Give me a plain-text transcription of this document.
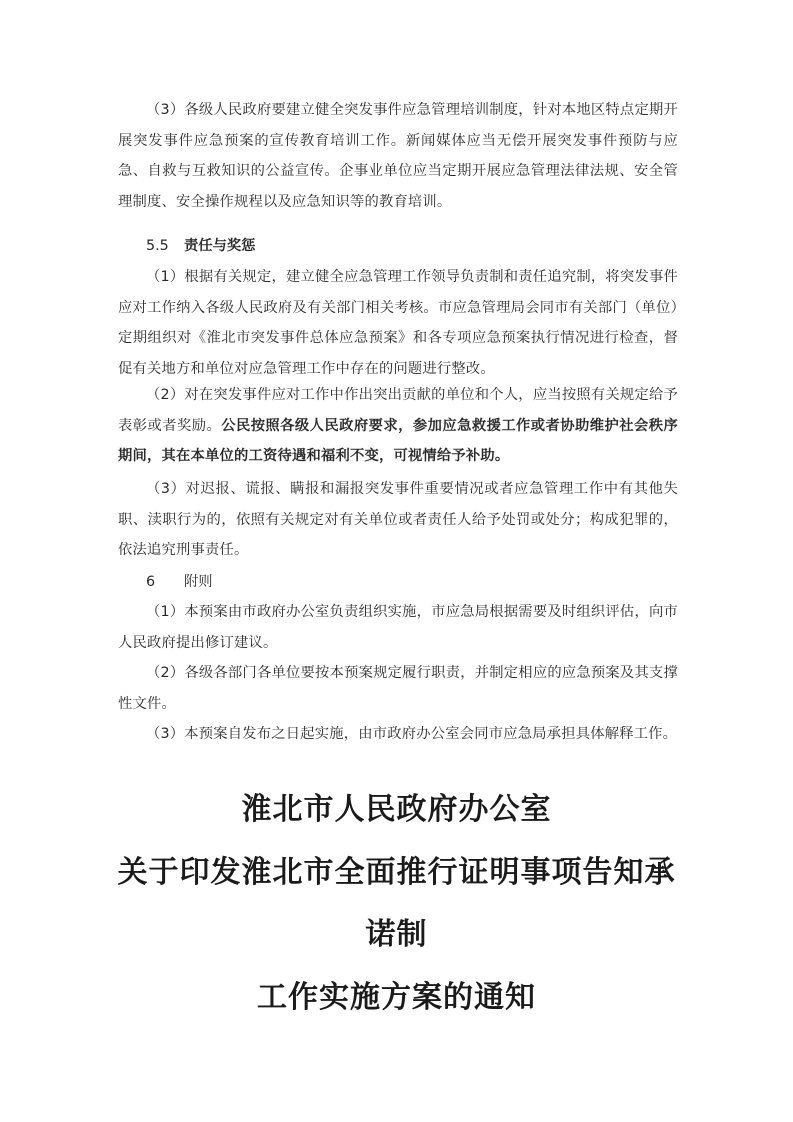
（3）各级人民政府要建立健全突发事件应急管理培训制度，针对本地区特点定期开展突发事件应急预案的宣传教育培训工作。新闻媒体应当无偿开展突发事件预防与应急、自救与互救知识的公益宣传。企事业单位应当定期开展应急管理法律法规、安全管理制度、安全操作规程以及应急知识等的教育培训。

5.5 责任与奖惩

（1）根据有关规定，建立健全应急管理工作领导负责制和责任追究制，将突发事件应对工作纳入各级人民政府及有关部门相关考核。市应急管理局会同市有关部门（单位）定期组织对《淮北市突发事件总体应急预案》和各专项应急预案执行情况进行检查，督促有关地方和单位对应急管理工作中存在的问题进行整改。

（2）对在突发事件应对工作中作出突出贡献的单位和个人，应当按照有关规定给予表彰或者奖励。公民按照各级人民政府要求，参加应急救援工作或者协助维护社会秩序期间，其在本单位的工资待遇和福利不变，可视情给予补助。

（3）对迟报、谎报、瞒报和漏报突发事件重要情况或者应急管理工作中有其他失职、渎职行为的，依照有关规定对有关单位或者责任人给予处罚或处分；构成犯罪的，依法追究刑事责任。

6 附则

（1）本预案由市政府办公室负责组织实施，市应急局根据需要及时组织评估，向市人民政府提出修订建议。

（2）各级各部门各单位要按本预案规定履行职责，并制定相应的应急预案及其支撑性文件。

（3）本预案自发布之日起实施，由市政府办公室会同市应急局承担具体解释工作。

淮北市人民政府办公室
关于印发淮北市全面推行证明事项告知承
诺制
工作实施方案的通知
